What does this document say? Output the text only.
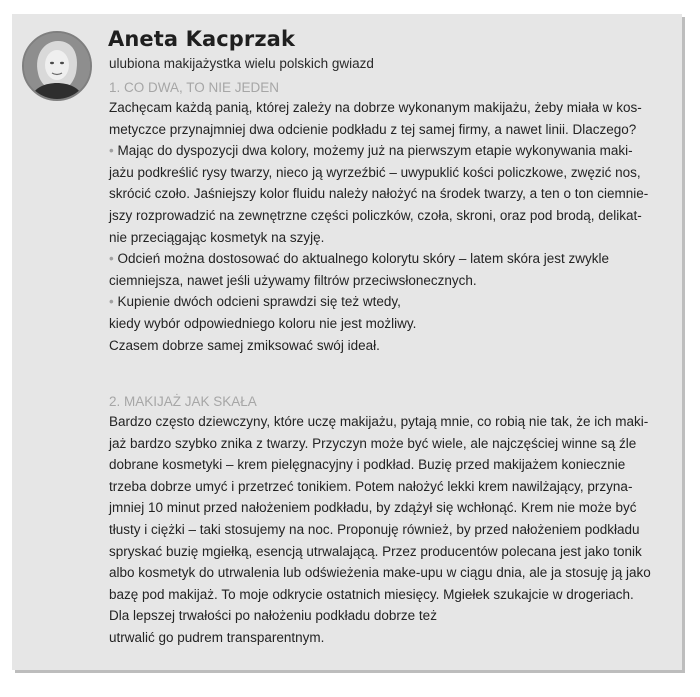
Aneta Kacprzak
ulubiona makijażystka wielu polskich gwiazd

1. CO DWA, TO NIE JEDEN

Zachęcam każdą panią, której zależy na dobrze wykonanym makijażu, żeby miała w kos-

metyczce przynajmniej dwa odcienie podkładu z tej samej firmy, a nawet linii. Dlaczego?

• Mając do dyspozycji dwa kolory, możemy już na pierwszym etapie wykonywania maki-

jażu podkreślić rysy twarzy, nieco ją wyrzeźbić – uwypuklić kości policzkowe, zwęzić nos,

skrócić czoło. Jaśniejszy kolor fluidu należy nałożyć na środek twarzy, a ten o ton ciemnie-

jszy rozprowadzić na zewnętrzne części policzków, czoła, skroni, oraz pod brodą, delikat-

nie przeciągając kosmetyk na szyję.

• Odcień można dostosować do aktualnego kolorytu skóry – latem skóra jest zwykle

ciemniejsza, nawet jeśli używamy filtrów przeciwsłonecznych.

• Kupienie dwóch odcieni sprawdzi się też wtedy,

kiedy wybór odpowiedniego koloru nie jest możliwy.

Czasem dobrze samej zmiksować swój ideał.

2. MAKIJAŻ JAK SKAŁA

Bardzo często dziewczyny, które uczę makijażu, pytają mnie, co robią nie tak, że ich maki-

jaż bardzo szybko znika z twarzy. Przyczyn może być wiele, ale najczęściej winne są źle

dobrane kosmetyki – krem pielęgnacyjny i podkład. Buzię przed makijażem koniecznie

trzeba dobrze umyć i przetrzeć tonikiem. Potem nałożyć lekki krem nawilżający, przyna-

jmniej 10 minut przed nałożeniem podkładu, by zdążył się wchłonąć. Krem nie może być

tłusty i ciężki – taki stosujemy na noc. Proponuję również, by przed nałożeniem podkładu

spryskać buzię mgiełką, esencją utrwalającą. Przez producentów polecana jest jako tonik

albo kosmetyk do utrwalenia lub odświeżenia make-upu w ciągu dnia, ale ja stosuję ją jako

bazę pod makijaż. To moje odkrycie ostatnich miesięcy. Mgiełek szukajcie w drogeriach.

Dla lepszej trwałości po nałożeniu podkładu dobrze też

utrwalić go pudrem transparentnym.
